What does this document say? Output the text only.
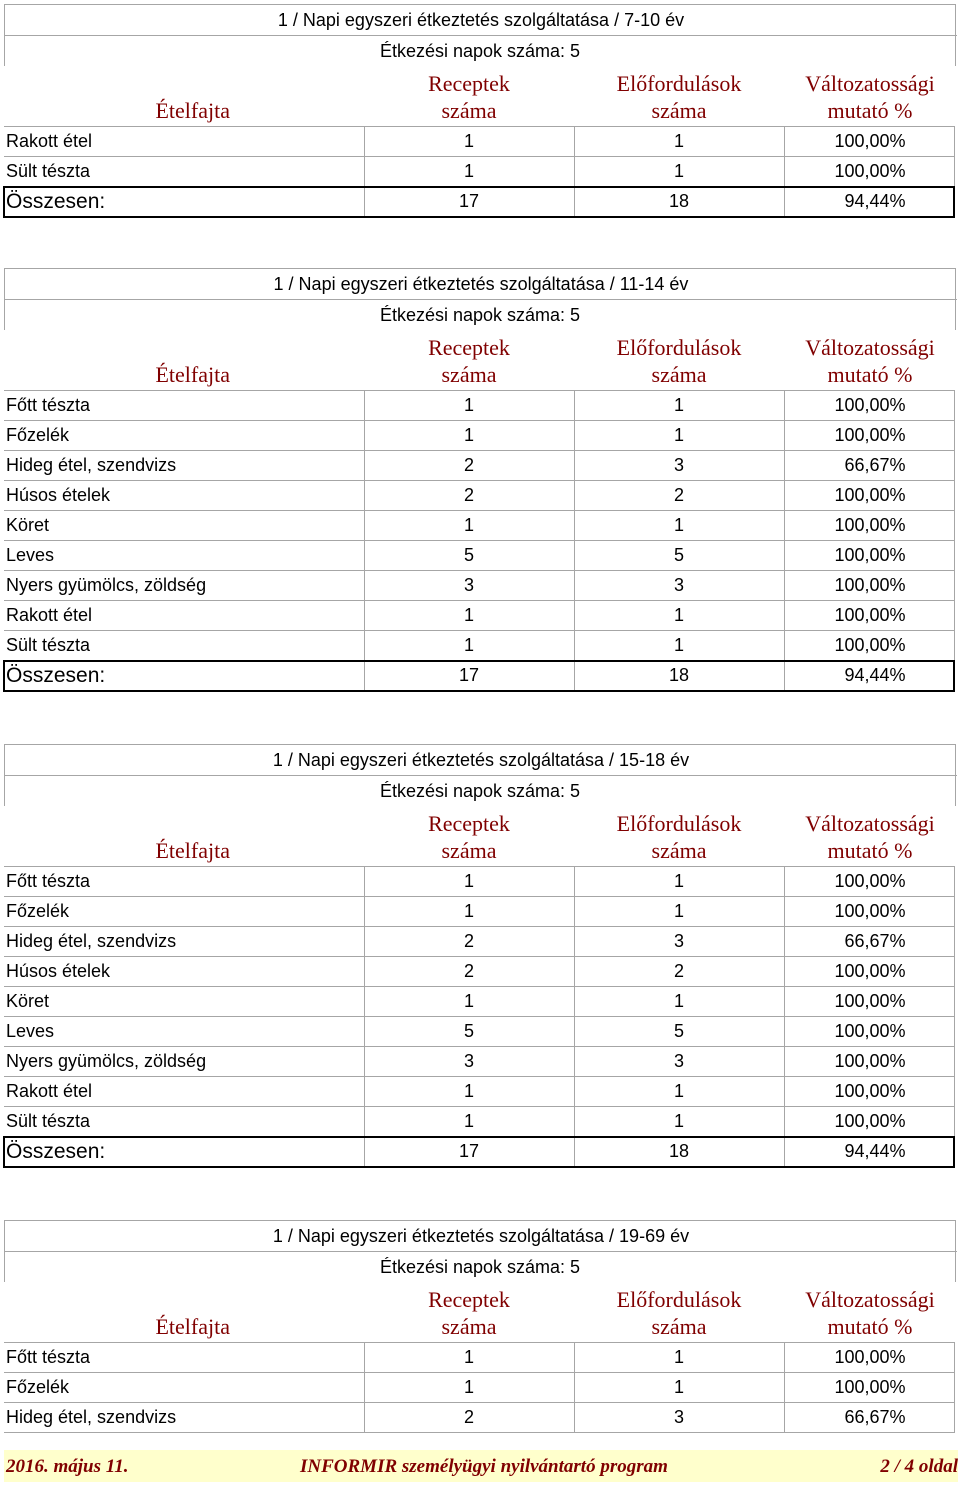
1 / Napi egyszeri étkeztetés szolgáltatása / 7-10 év
Étkezési napok száma: 5
Ételfajta
Receptek
száma
Előfordulások
száma
Változatossági
mutató %
Rakott étel	1	1	100,00%
Sült tészta	1	1	100,00%
Összesen:	17	18	94,44%
1 / Napi egyszeri étkeztetés szolgáltatása / 11-14 év
Étkezési napok száma: 5
Ételfajta
Receptek
száma
Előfordulások
száma
Változatossági
mutató %
Főtt tészta	1	1	100,00%
Főzelék	1	1	100,00%
Hideg étel, szendvizs	2	3	66,67%
Húsos ételek	2	2	100,00%
Köret	1	1	100,00%
Leves	5	5	100,00%
Nyers gyümölcs, zöldség	3	3	100,00%
Rakott étel	1	1	100,00%
Sült tészta	1	1	100,00%
Összesen:	17	18	94,44%
1 / Napi egyszeri étkeztetés szolgáltatása / 15-18 év
Étkezési napok száma: 5
Ételfajta
Receptek
száma
Előfordulások
száma
Változatossági
mutató %
Főtt tészta	1	1	100,00%
Főzelék	1	1	100,00%
Hideg étel, szendvizs	2	3	66,67%
Húsos ételek	2	2	100,00%
Köret	1	1	100,00%
Leves	5	5	100,00%
Nyers gyümölcs, zöldség	3	3	100,00%
Rakott étel	1	1	100,00%
Sült tészta	1	1	100,00%
Összesen:	17	18	94,44%
1 / Napi egyszeri étkeztetés szolgáltatása / 19-69 év
Étkezési napok száma: 5
Ételfajta
Receptek
száma
Előfordulások
száma
Változatossági
mutató %
Főtt tészta	1	1	100,00%
Főzelék	1	1	100,00%
Hideg étel, szendvizs	2	3	66,67%
2016. május 11.	INFORMIR személyügyi nyilvántartó program	2 / 4 oldal
